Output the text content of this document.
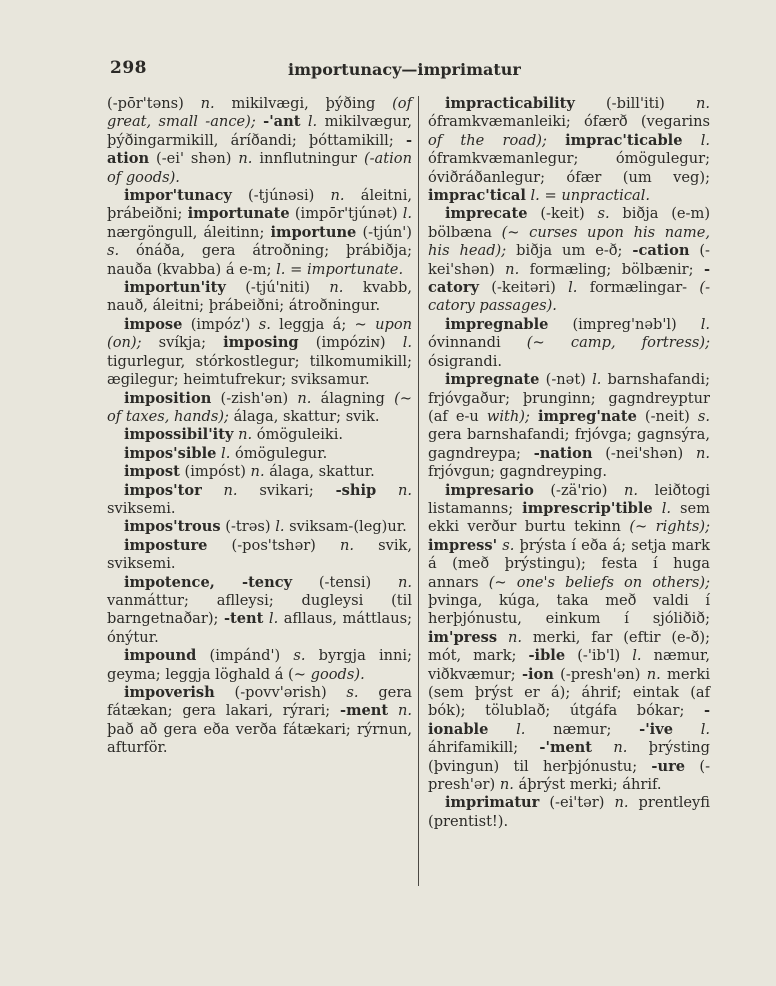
298	importunacy—imprimatur

(-pōr'təns) n. mikilvægi, þýðing (of great, small -ance); -'ant l. mikilvægur, þýðingarmikill, áríðandi; þóttamikill; -ation (-ei' shən) n. innflutningur (-ation of goods).

impor'tunacy (-tjúnəsi) n. áleitni, þrábeiðni; importunate (impōr'tjúnət) l. nærgöngull, áleitinn; importune (-tjún') s. ónáða, gera átroðning; þrábiðja; nauða (kvabba) á e-m; l. = importunate.

importun'ity (-tjú'niti) n. kvabb, nauð, áleitni; þrábeiðni; átroðningur.

impose (impóz') s. leggja á; ~ upon (on); svíkja; imposing (impóziɴ) l. tigurlegur, stórkostlegur; tilkomumikill; ægilegur; heimtufrekur; sviksamur.

imposition (-zish'ən) n. álagning (~ of taxes, hands); álaga, skattur; svik.

impossibil'ity n. ómöguleiki.

impos'sible l. ómögulegur.

impost (impóst) n. álaga, skattur.

impos'tor n. svikari; -ship n. sviksemi.

impos'trous (-trəs) l. sviksam-(leg)ur.

imposture (-pos'tshər) n. svik, sviksemi.

impotence, -tency (-tensi) n. vanmáttur; aflleysi; dugleysi (til barngetnaðar); -tent l. afllaus, máttlaus; ónýtur.

impound (impánd') s. byrgja inni; geyma; leggja löghald á (~ goods).

impoverish (-povv'ərish) s. gera fátækan; gera lakari, rýrari; -ment n. það að gera eða verða fátækari; rýrnun, afturför.

impracticability (-bill'iti) n. óframkvæmanleiki; ófærð (vegarins of the road); imprac'ticable l. óframkvæmanlegur; ómögulegur; óviðráðanlegur; ófær (um veg); imprac'tical l. = unpractical.

imprecate (-keit) s. biðja (e-m) bölbæna (~ curses upon his name, his head); biðja um e-ð; -cation (-kei'shən) n. formæling; bölbænir; -catory (-keitəri) l. formælingar- (-catory passages).

impregnable (impreg'nəb'l) l. óvinnandi (~ camp, fortress); ósigrandi.

impregnate (-nət) l. barnshafandi; frjóvgaður; þrunginn; gagndreyptur (af e-u with); impreg'nate (-neit) s. gera barnshafandi; frjóvga; gagnsýra, gagndreypa; -nation (-nei'shən) n. frjóvgun; gagndreyping.

impresario (-zä'rio) n. leiðtogi listamanns; imprescrip'tible l. sem ekki verður burtu tekinn (~ rights); impress' s. þrýsta í eða á; setja mark á (með þrýstingu); festa í huga annars (~ one's beliefs on others); þvinga, kúga, taka með valdi í herþjónustu, einkum í sjóliðið; im'press n. merki, far (eftir (e-ð); mót, mark; -ible (-'ib'l) l. næmur, viðkvæmur; -ion (-presh'ən) n. merki (sem þrýst er á); áhrif; eintak (af bók); tölublað; útgáfa bókar; -ionable l. næmur; -'ive l. áhrifamikill; -'ment n. þrýsting (þvingun) til herþjónustu; -ure (-presh'ər) n. áþrýst merki; áhrif.

imprimatur (-ei'tər) n. prentleyfi (prentist!).
